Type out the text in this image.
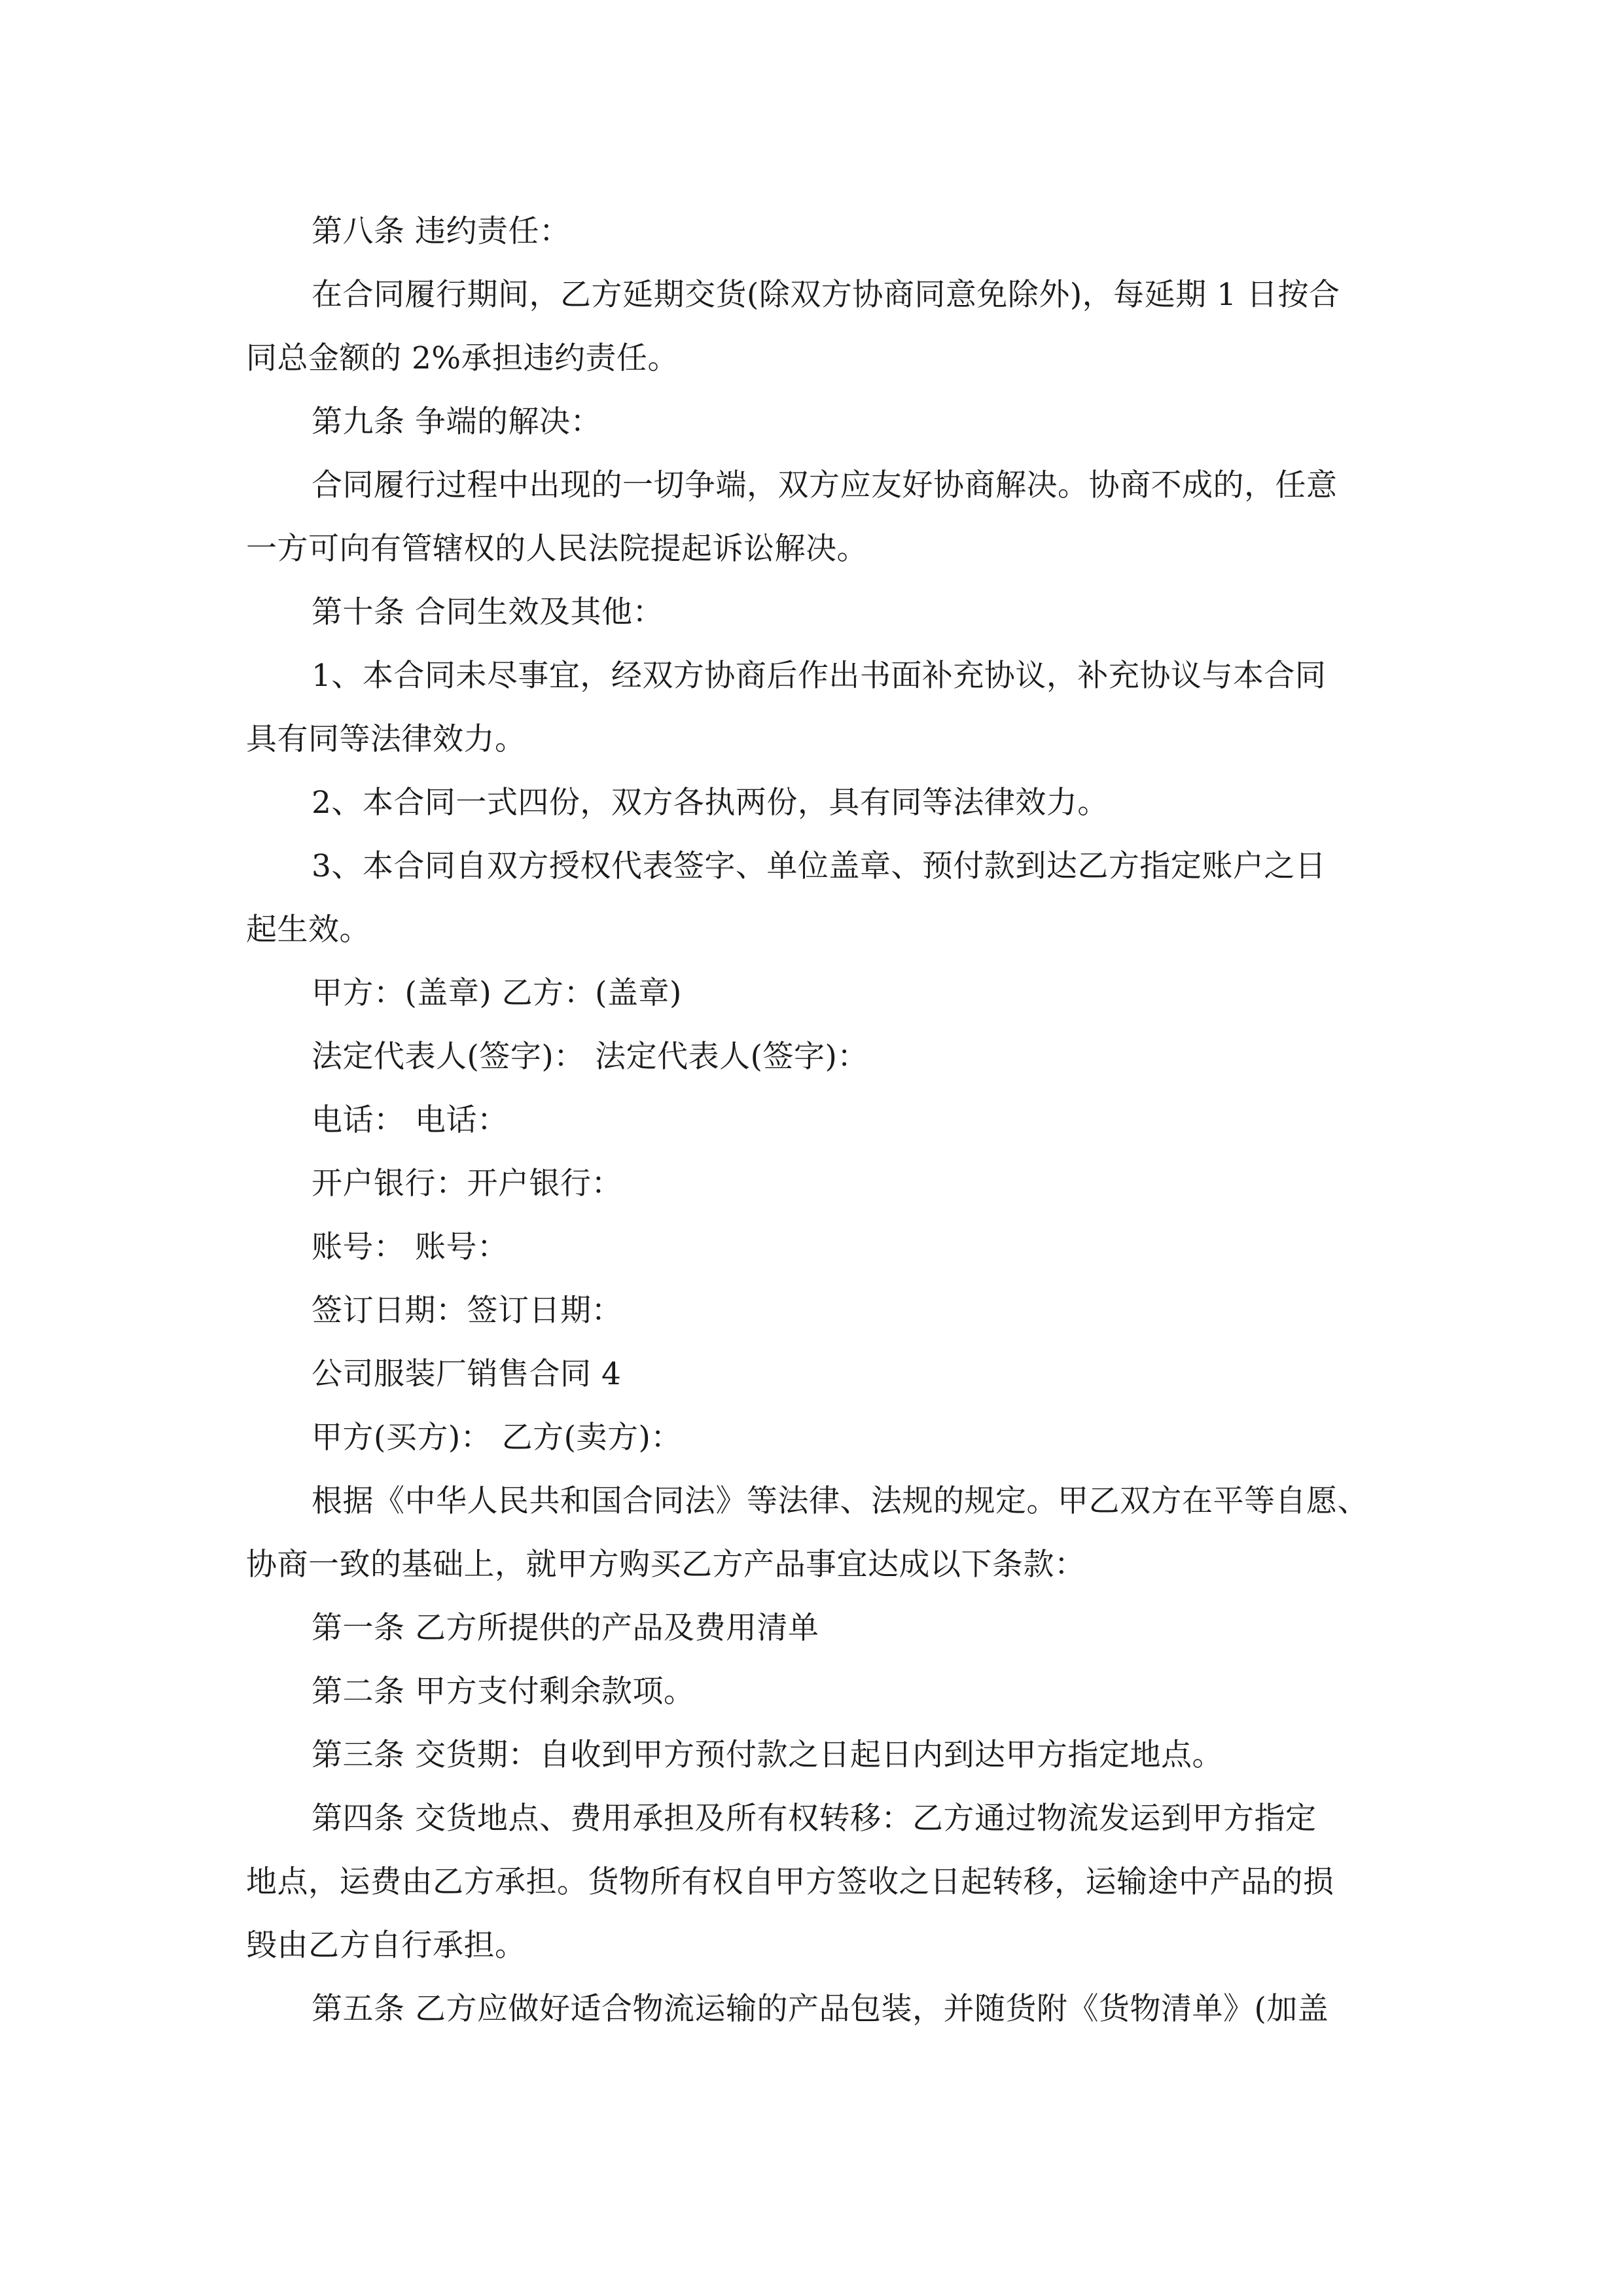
第八条 违约责任：
在合同履行期间，乙方延期交货(除双方协商同意免除外)，每延期 1 日按合
同总金额的 2%承担违约责任。
第九条 争端的解决：
合同履行过程中出现的一切争端，双方应友好协商解决。协商不成的，任意
一方可向有管辖权的人民法院提起诉讼解决。
第十条 合同生效及其他：
1、本合同未尽事宜，经双方协商后作出书面补充协议，补充协议与本合同
具有同等法律效力。
2、本合同一式四份，双方各执两份，具有同等法律效力。
3、本合同自双方授权代表签字、单位盖章、预付款到达乙方指定账户之日
起生效。
甲方：(盖章) 乙方：(盖章)
法定代表人(签字)： 法定代表人(签字)：
电话： 电话：
开户银行：开户银行：
账号： 账号：
签订日期：签订日期：
公司服装厂销售合同 4
甲方(买方)： 乙方(卖方)：
根据《中华人民共和国合同法》等法律、法规的规定。甲乙双方在平等自愿、
协商一致的基础上，就甲方购买乙方产品事宜达成以下条款：
第一条 乙方所提供的产品及费用清单
第二条 甲方支付剩余款项。
第三条 交货期：自收到甲方预付款之日起日内到达甲方指定地点。
第四条 交货地点、费用承担及所有权转移：乙方通过物流发运到甲方指定
地点，运费由乙方承担。货物所有权自甲方签收之日起转移，运输途中产品的损
毁由乙方自行承担。
第五条 乙方应做好适合物流运输的产品包装，并随货附《货物清单》(加盖
